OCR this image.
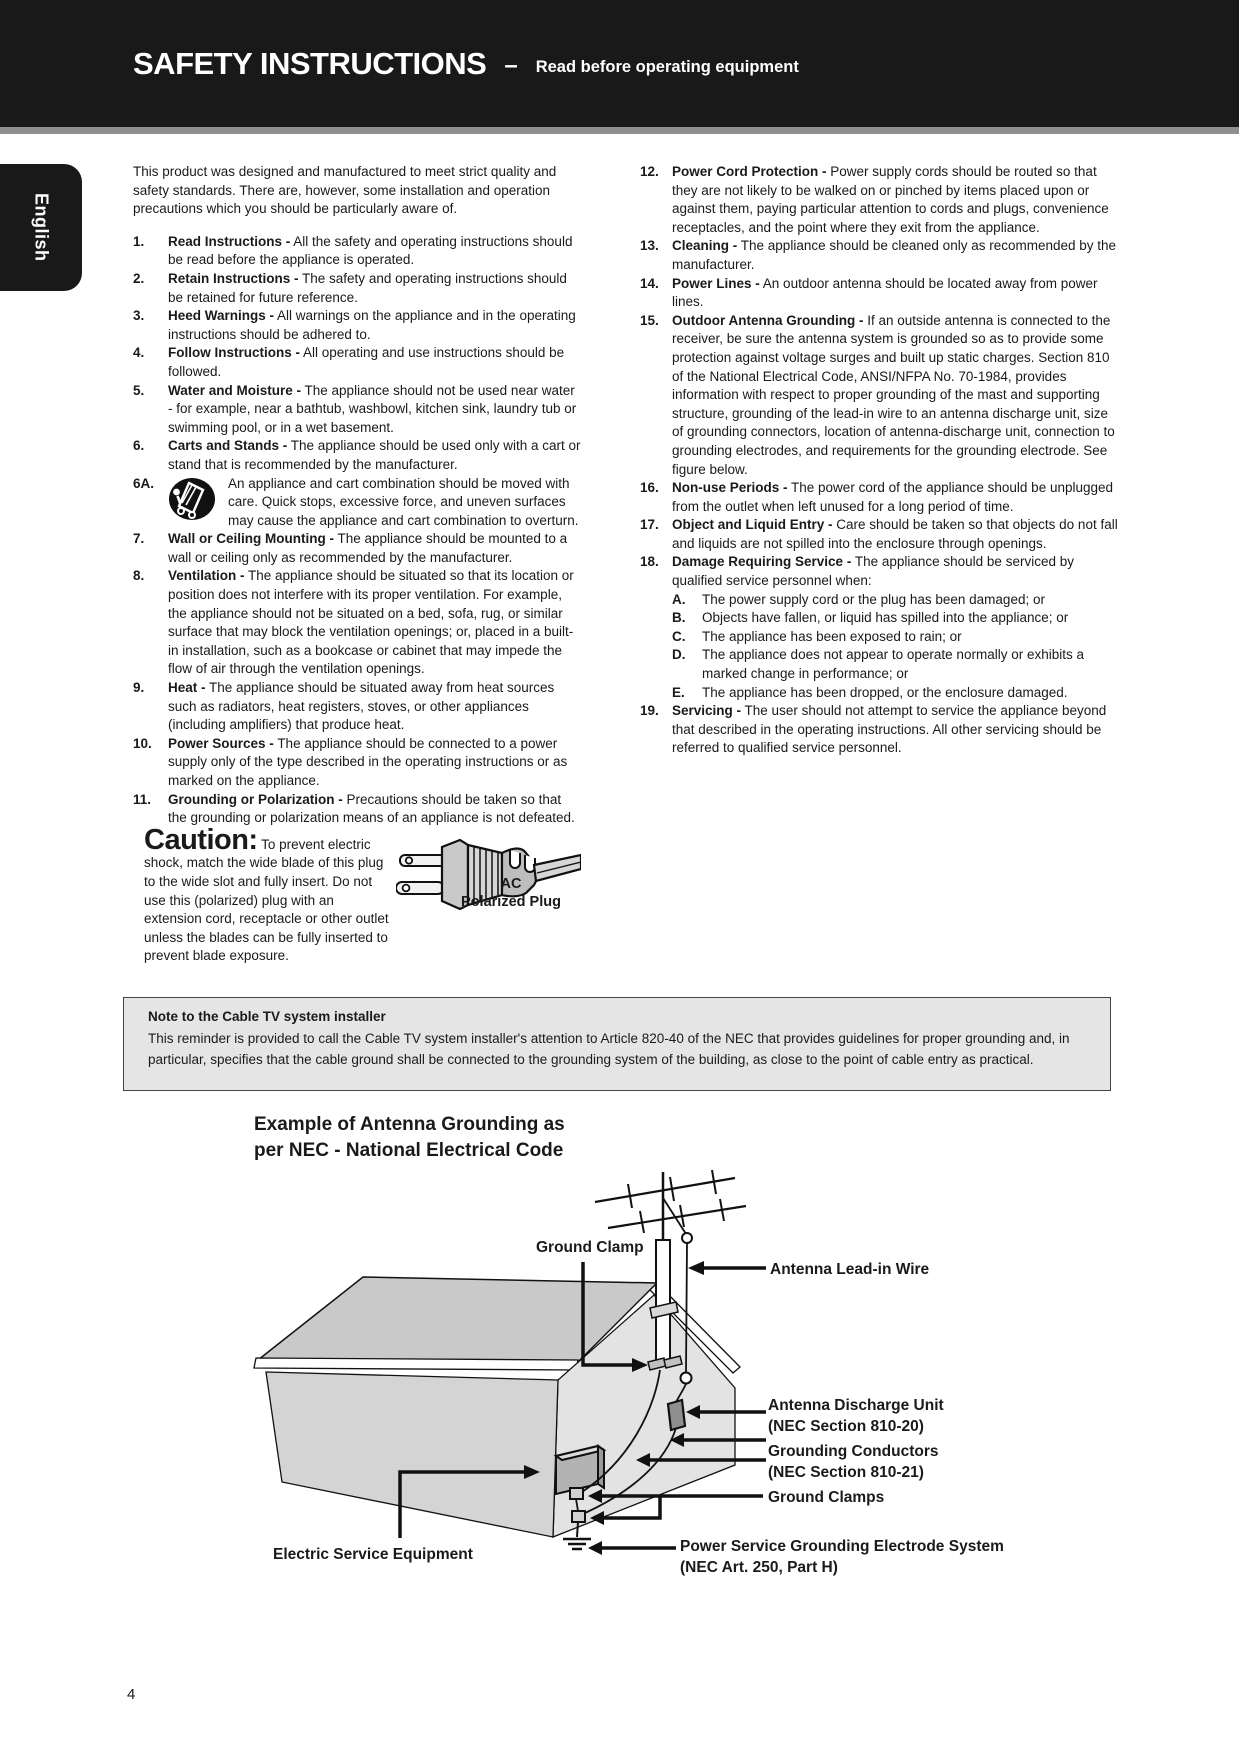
SAFETY INSTRUCTIONS – Read before operating equipment
English
This product was designed and manufactured to meet strict quality and safety standards. There are, however, some installation and operation precautions which you should be particularly aware of.
1.	Read Instructions - All the safety and operating instructions should be read before the appliance is operated.
2.	Retain Instructions - The safety and operating instructions should be retained for future reference.
3.	Heed Warnings - All warnings on the appliance and in the operating instructions should be adhered to.
4.	Follow Instructions - All operating and use instructions should be followed.
5.	Water and Moisture - The appliance should not be used near water - for example, near a bathtub, washbowl, kitchen sink, laundry tub or swimming pool, or in a wet basement.
6.	Carts and Stands - The appliance should be used only with a cart or stand that is recommended by the manufacturer.
6A.	An appliance and cart combination should be moved with care. Quick stops, excessive force, and uneven surfaces may cause the appliance and cart combination to overturn.
7.	Wall or Ceiling Mounting - The appliance should be mounted to a wall or ceiling only as recommended by the manufacturer.
8.	Ventilation - The appliance should be situated so that its location or position does not interfere with its proper ventilation. For example, the appliance should not be situated on a bed, sofa, rug, or similar surface that may block the ventilation openings; or, placed in a built-in installation, such as a bookcase or cabinet that may impede the flow of air through the ventilation openings.
9.	Heat - The appliance should be situated away from heat sources such as radiators, heat registers, stoves, or other appliances (including amplifiers) that produce heat.
10.	Power Sources - The appliance should be connected to a power supply only of the type described in the operating instructions or as marked on the appliance.
11.	Grounding or Polarization - Precautions should be taken so that the grounding or polarization means of an appliance is not defeated.
AC
Polarized Plug
Caution: To prevent electric shock, match the wide blade of this plug to the wide slot and fully insert. Do not use this (polarized) plug with an extension cord, receptacle or other outlet unless the blades can be fully inserted to prevent blade exposure.
12. Power Cord Protection - Power supply cords should be routed so that they are not likely to be walked on or pinched by items placed upon or against them, paying particular attention to cords and plugs, convenience receptacles, and the point where they exit from the appliance.
13. Cleaning - The appliance should be cleaned only as recommended by the manufacturer.
14. Power Lines - An outdoor antenna should be located away from power lines.
15. Outdoor Antenna Grounding - If an outside antenna is connected to the receiver, be sure the antenna system is grounded so as to provide some protection against voltage surges and built up static charges. Section 810 of the National Electrical Code, ANSI/NFPA No. 70-1984, provides information with respect to proper grounding of the mast and supporting structure, grounding of the lead-in wire to an antenna discharge unit, size of grounding connectors, location of antenna-discharge unit, connection to grounding electrodes, and requirements for the grounding electrode. See figure below.
16. Non-use Periods - The power cord of the appliance should be unplugged from the outlet when left unused for a long period of time.
17. Object and Liquid Entry - Care should be taken so that objects do not fall and liquids are not spilled into the enclosure through openings.
18. Damage Requiring Service - The appliance should be serviced by qualified service personnel when:
A.	The power supply cord or the plug has been damaged; or
B.	Objects have fallen, or liquid has spilled into the appliance; or
C.	The appliance has been exposed to rain; or
D.	The appliance does not appear to operate normally or exhibits a marked change in performance; or
E.	The appliance has been dropped, or the enclosure damaged.
19. Servicing - The user should not attempt to service the appliance beyond that described in the operating instructions. All other servicing should be referred to qualified service personnel.
Note to the Cable TV system installer
This reminder is provided to call the Cable TV system installer's attention to Article 820-40 of the NEC that provides guidelines for proper grounding and, in particular, specifies that the cable ground shall be connected to the grounding system of the building, as close to the point of cable entry as practical.
Example of Antenna Grounding as
per NEC - National Electrical Code
Ground Clamp
Antenna Lead-in Wire
Antenna Discharge Unit
(NEC Section 810-20)
Grounding Conductors
(NEC Section 810-21)
Ground Clamps
Power Service Grounding Electrode System
(NEC Art. 250, Part H)
Electric Service Equipment
4
